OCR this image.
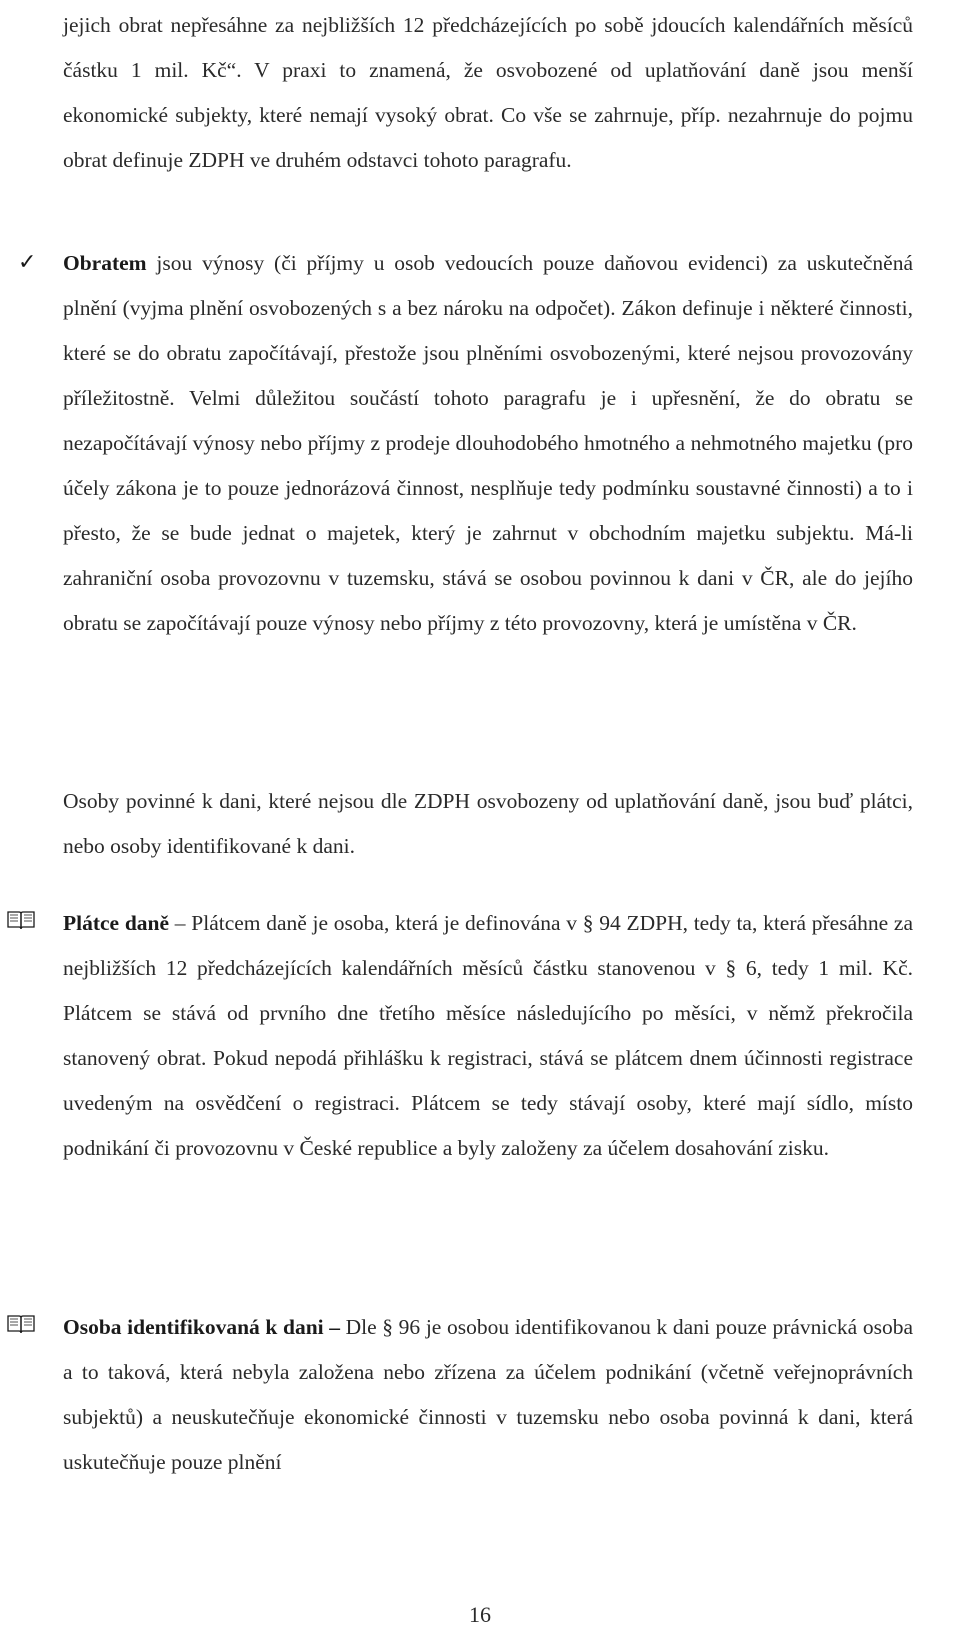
jejich obrat nepřesáhne za nejbližších 12 předcházejících po sobě jdoucích kalendářních měsíců částku 1 mil. Kč“. V praxi to znamená, že osvobozené od uplatňování daně jsou menší ekonomické subjekty, které nemají vysoký obrat. Co vše se zahrnuje, příp. nezahrnuje do pojmu obrat definuje ZDPH ve druhém odstavci tohoto paragrafu.

✓ Obratem jsou výnosy (či příjmy u osob vedoucích pouze daňovou evidenci) za uskutečněná plnění (vyjma plnění osvobozených s a bez nároku na odpočet). Zákon definuje i některé činnosti, které se do obratu započítávají, přestože jsou plněními osvobozenými, které nejsou provozovány příležitostně. Velmi důležitou součástí tohoto paragrafu je i upřesnění, že do obratu se nezapočítávají výnosy nebo příjmy z prodeje dlouhodobého hmotného a nehmotného majetku (pro účely zákona je to pouze jednorázová činnost, nesplňuje tedy podmínku soustavné činnosti) a to i přesto, že se bude jednat o majetek, který je zahrnut v obchodním majetku subjektu. Má-li zahraniční osoba provozovnu v tuzemsku, stává se osobou povinnou k dani v ČR, ale do jejího obratu se započítávají pouze výnosy nebo příjmy z této provozovny, která je umístěna v ČR.

Osoby povinné k dani, které nejsou dle ZDPH osvobozeny od uplatňování daně, jsou buď plátci, nebo osoby identifikované k dani.

Plátce daně – Plátcem daně je osoba, která je definována v § 94 ZDPH, tedy ta, která přesáhne za nejbližších 12 předcházejících kalendářních měsíců částku stanovenou v § 6, tedy 1 mil. Kč. Plátcem se stává od prvního dne třetího měsíce následujícího po měsíci, v němž překročila stanovený obrat. Pokud nepodá přihlášku k registraci, stává se plátcem dnem účinnosti registrace uvedeným na osvědčení o registraci. Plátcem se tedy stávají osoby, které mají sídlo, místo podnikání či provozovnu v České republice a byly založeny za účelem dosahování zisku.

Osoba identifikovaná k dani – Dle § 96 je osobou identifikovanou k dani pouze právnická osoba a to taková, která nebyla založena nebo zřízena za účelem podnikání (včetně veřejnoprávních subjektů) a neuskutečňuje ekonomické činnosti v tuzemsku nebo osoba povinná k dani, která uskutečňuje pouze plnění

16
